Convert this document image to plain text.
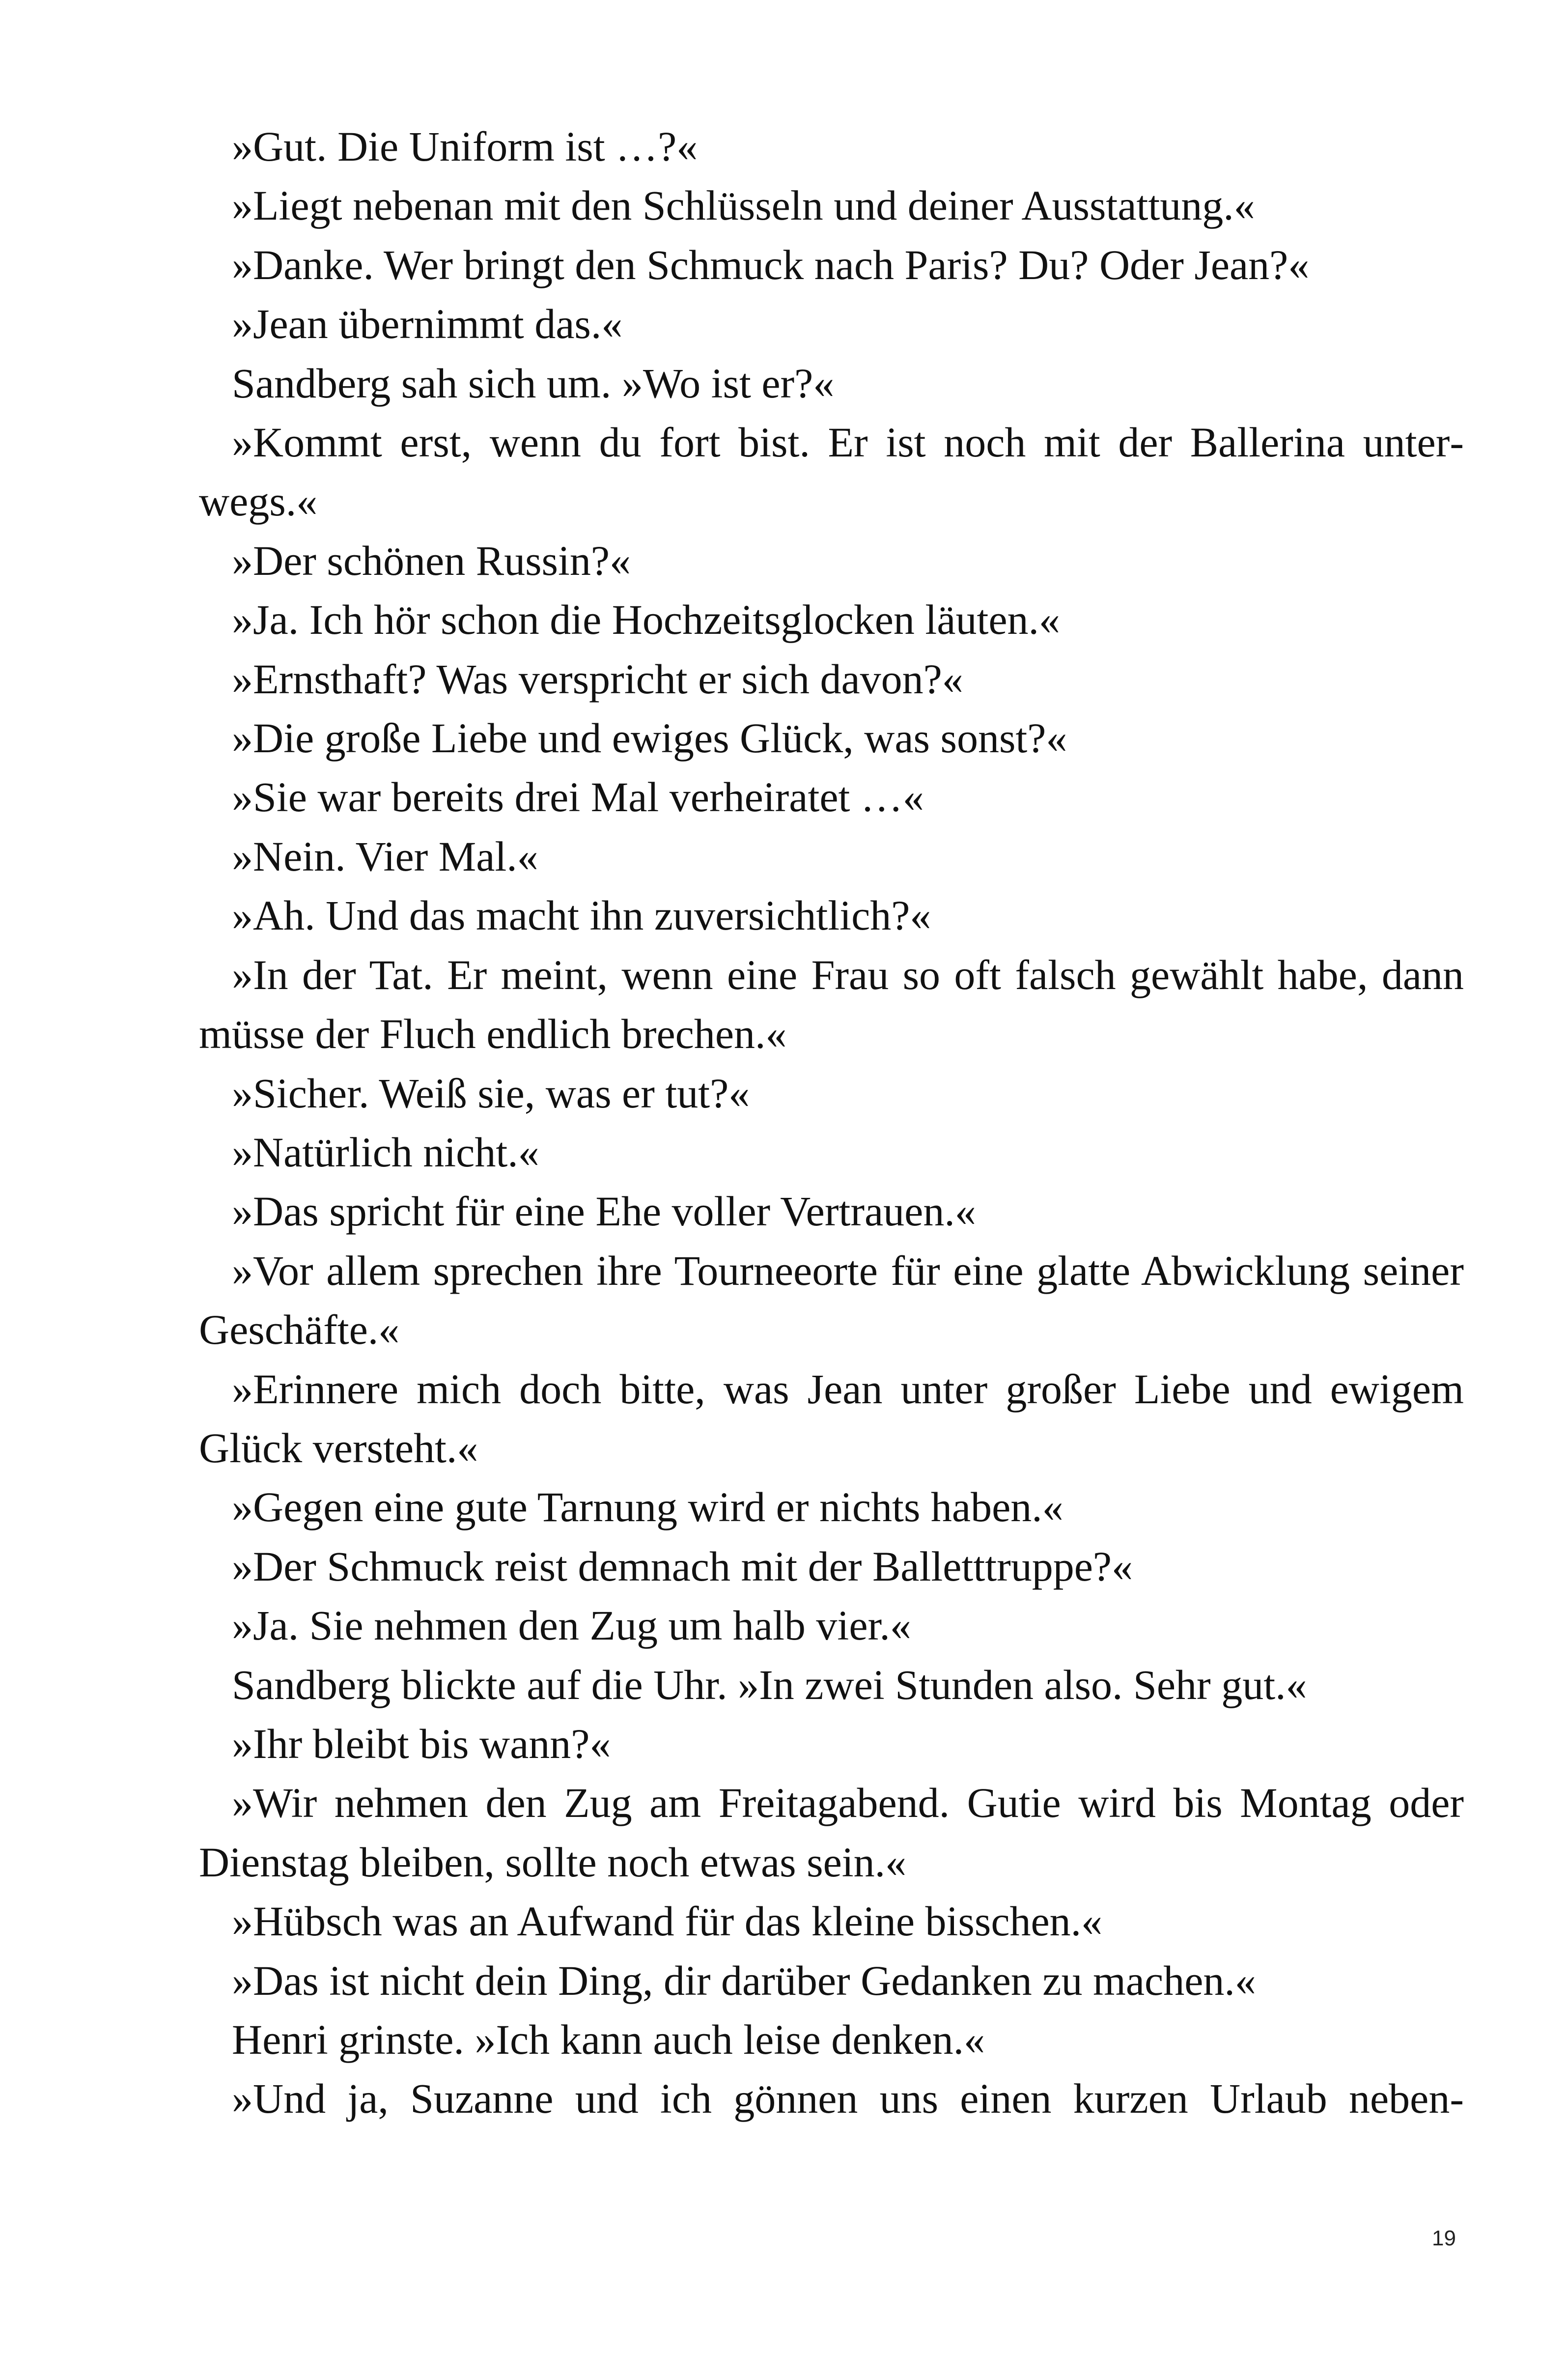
»Gut. Die Uniform ist …?«

»Liegt nebenan mit den Schlüsseln und deiner Ausstattung.«

»Danke. Wer bringt den Schmuck nach Paris? Du? Oder Jean?«

»Jean übernimmt das.«

Sandberg sah sich um. »Wo ist er?«

»Kommt erst, wenn du fort bist. Er ist noch mit der Ballerina unterwegs.«

»Der schönen Russin?«

»Ja. Ich hör schon die Hochzeitsglocken läuten.«

»Ernsthaft? Was verspricht er sich davon?«

»Die große Liebe und ewiges Glück, was sonst?«

»Sie war bereits drei Mal verheiratet …«

»Nein. Vier Mal.«

»Ah. Und das macht ihn zuversichtlich?«

»In der Tat. Er meint, wenn eine Frau so oft falsch gewählt habe, dann müsse der Fluch endlich brechen.«

»Sicher. Weiß sie, was er tut?«

»Natürlich nicht.«

»Das spricht für eine Ehe voller Vertrauen.«

»Vor allem sprechen ihre Tourneeorte für eine glatte Abwicklung seiner Geschäfte.«

»Erinnere mich doch bitte, was Jean unter großer Liebe und ewigem Glück versteht.«

»Gegen eine gute Tarnung wird er nichts haben.«

»Der Schmuck reist demnach mit der Balletttruppe?«

»Ja. Sie nehmen den Zug um halb vier.«

Sandberg blickte auf die Uhr. »In zwei Stunden also. Sehr gut.«

»Ihr bleibt bis wann?«

»Wir nehmen den Zug am Freitagabend. Gutie wird bis Montag oder Dienstag bleiben, sollte noch etwas sein.«

»Hübsch was an Aufwand für das kleine bisschen.«

»Das ist nicht dein Ding, dir darüber Gedanken zu machen.«

Henri grinste. »Ich kann auch leise denken.«

»Und ja, Suzanne und ich gönnen uns einen kurzen Urlaub neben-

19
